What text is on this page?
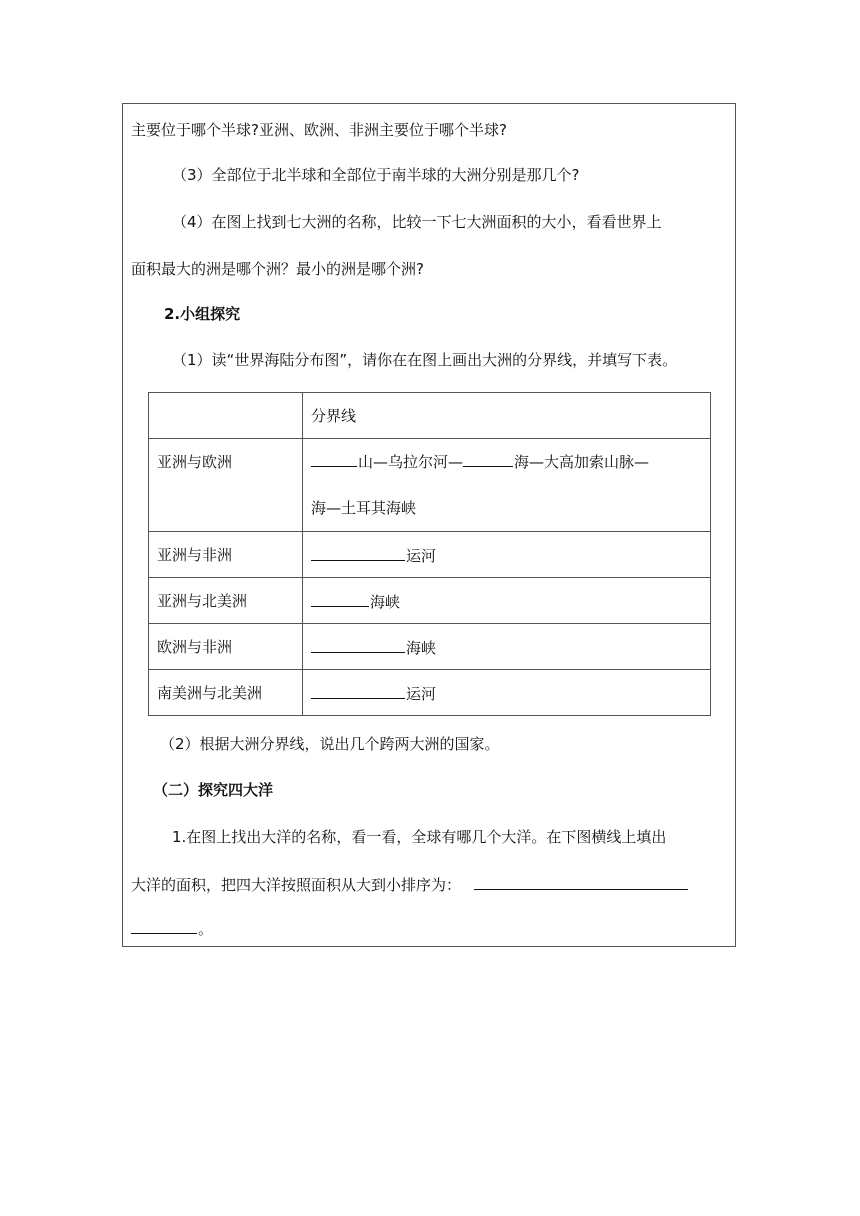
主要位于哪个半球?亚洲、欧洲、非洲主要位于哪个半球?
（3）全部位于北半球和全部位于南半球的大洲分别是那几个?
（4）在图上找到七大洲的名称，比较一下七大洲面积的大小，看看世界上
面积最大的洲是哪个洲？最小的洲是哪个洲?
2.小组探究
（1）读“世界海陆分布图”，请你在在图上画出大洲的分界线，并填写下表。
	分界线
亚洲与欧洲	山—乌拉尔河— 海—大高加索山脉—
海—土耳其海峡

亚洲与非洲	运河
亚洲与北美洲	海峡
欧洲与非洲	海峡
南美洲与北美洲	运河
（2）根据大洲分界线，说出几个跨两大洲的国家。
（二）探究四大洋
1.在图上找出大洋的名称，看一看，全球有哪几个大洋。在下图横线上填出
大洋的面积，把四大洋按照面积从大到小排序为：
。
